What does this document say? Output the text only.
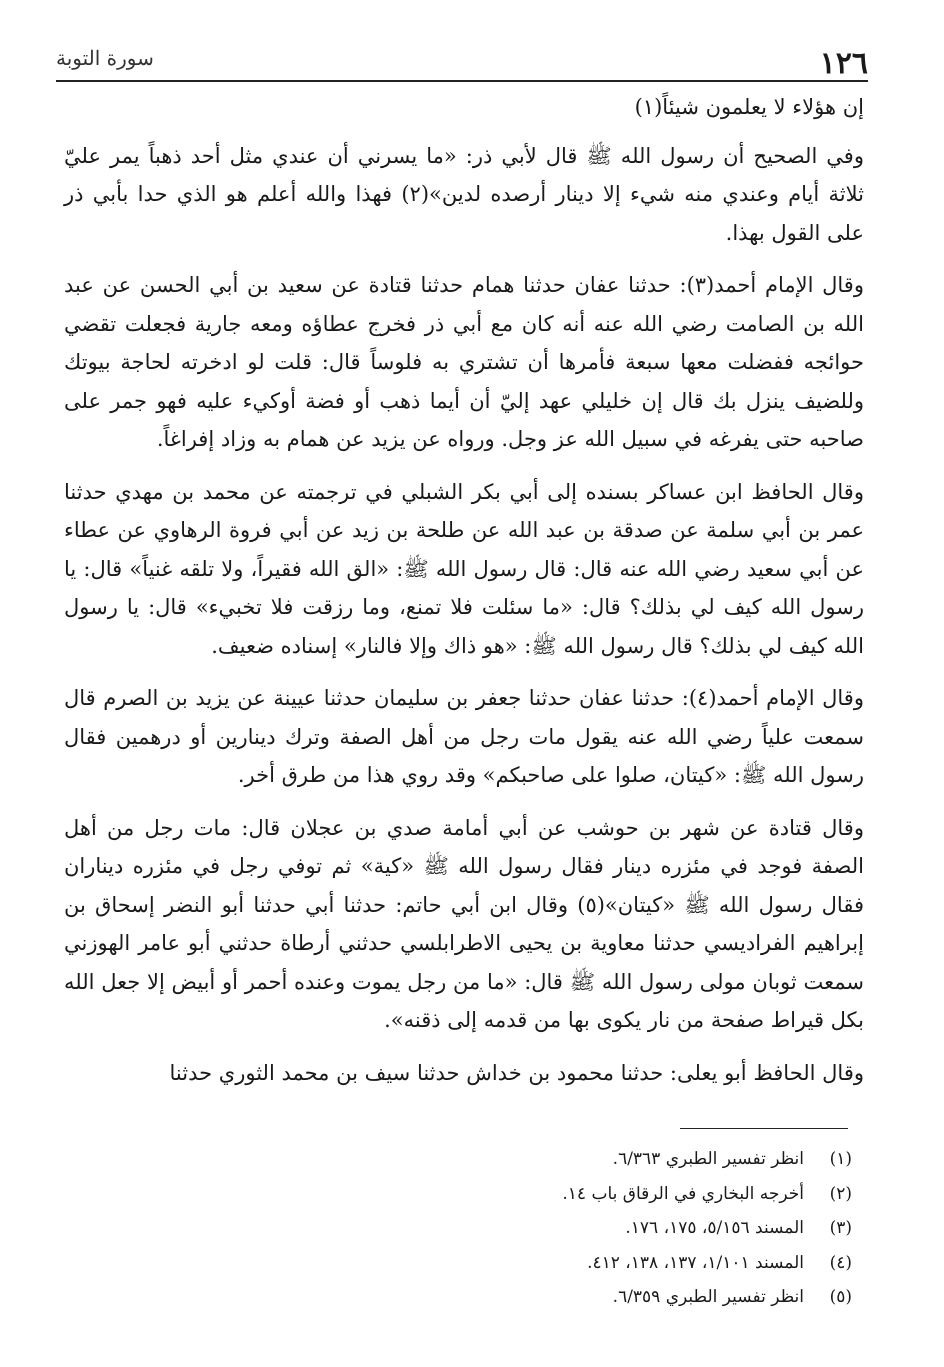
١٢٦
سورة التوبة

إن هؤلاء لا يعلمون شيئاً(١)

وفي الصحيح أن رسول الله ﷺ قال لأبي ذر: «ما يسرني أن عندي مثل أحد ذهباً يمر عليّ ثلاثة أيام وعندي منه شيء إلا دينار أرصده لدين»(٢) فهذا والله أعلم هو الذي حدا بأبي ذر على القول بهذا.

وقال الإمام أحمد(٣): حدثنا عفان حدثنا همام حدثنا قتادة عن سعيد بن أبي الحسن عن عبد الله بن الصامت رضي الله عنه أنه كان مع أبي ذر فخرج عطاؤه ومعه جارية فجعلت تقضي حوائجه ففضلت معها سبعة فأمرها أن تشتري به فلوساً قال: قلت لو ادخرته لحاجة بيوتك وللضيف ينزل بك قال إن خليلي عهد إليّ أن أيما ذهب أو فضة أوكيء عليه فهو جمر على صاحبه حتى يفرغه في سبيل الله عز وجل. ورواه عن يزيد عن همام به وزاد إفراغاً.

وقال الحافظ ابن عساكر بسنده إلى أبي بكر الشبلي في ترجمته عن محمد بن مهدي حدثنا عمر بن أبي سلمة عن صدقة بن عبد الله عن طلحة بن زيد عن أبي فروة الرهاوي عن عطاء عن أبي سعيد رضي الله عنه قال: قال رسول الله ﷺ: «الق الله فقيراً، ولا تلقه غنياً» قال: يا رسول الله كيف لي بذلك؟ قال: «ما سئلت فلا تمنع، وما رزقت فلا تخبيء» قال: يا رسول الله كيف لي بذلك؟ قال رسول الله ﷺ: «هو ذاك وإلا فالنار» إسناده ضعيف.

وقال الإمام أحمد(٤): حدثنا عفان حدثنا جعفر بن سليمان حدثنا عيينة عن يزيد بن الصرم قال سمعت علياً رضي الله عنه يقول مات رجل من أهل الصفة وترك دينارين أو درهمين فقال رسول الله ﷺ: «كيتان، صلوا على صاحبكم» وقد روي هذا من طرق أخر.

وقال قتادة عن شهر بن حوشب عن أبي أمامة صدي بن عجلان قال: مات رجل من أهل الصفة فوجد في مئزره دينار فقال رسول الله ﷺ «كية» ثم توفي رجل في مئزره ديناران فقال رسول الله ﷺ «كيتان»(٥) وقال ابن أبي حاتم: حدثنا أبي حدثنا أبو النضر إسحاق بن إبراهيم الفراديسي حدثنا معاوية بن يحيى الاطرابلسي حدثني أرطاة حدثني أبو عامر الهوزني سمعت ثوبان مولى رسول الله ﷺ قال: «ما من رجل يموت وعنده أحمر أو أبيض إلا جعل الله بكل قيراط صفحة من نار يكوى بها من قدمه إلى ذقنه».

وقال الحافظ أبو يعلى: حدثنا محمود بن خداش حدثنا سيف بن محمد الثوري حدثنا

(١)
انظر تفسير الطبري ٦/٣٦٣.
(٢)
أخرجه البخاري في الرقاق باب ١٤.
(٣)
المسند ٥/١٥٦، ١٧٥، ١٧٦.
(٤)
المسند ١/١٠١، ١٣٧، ١٣٨، ٤١٢.
(٥)
انظر تفسير الطبري ٦/٣٥٩.
